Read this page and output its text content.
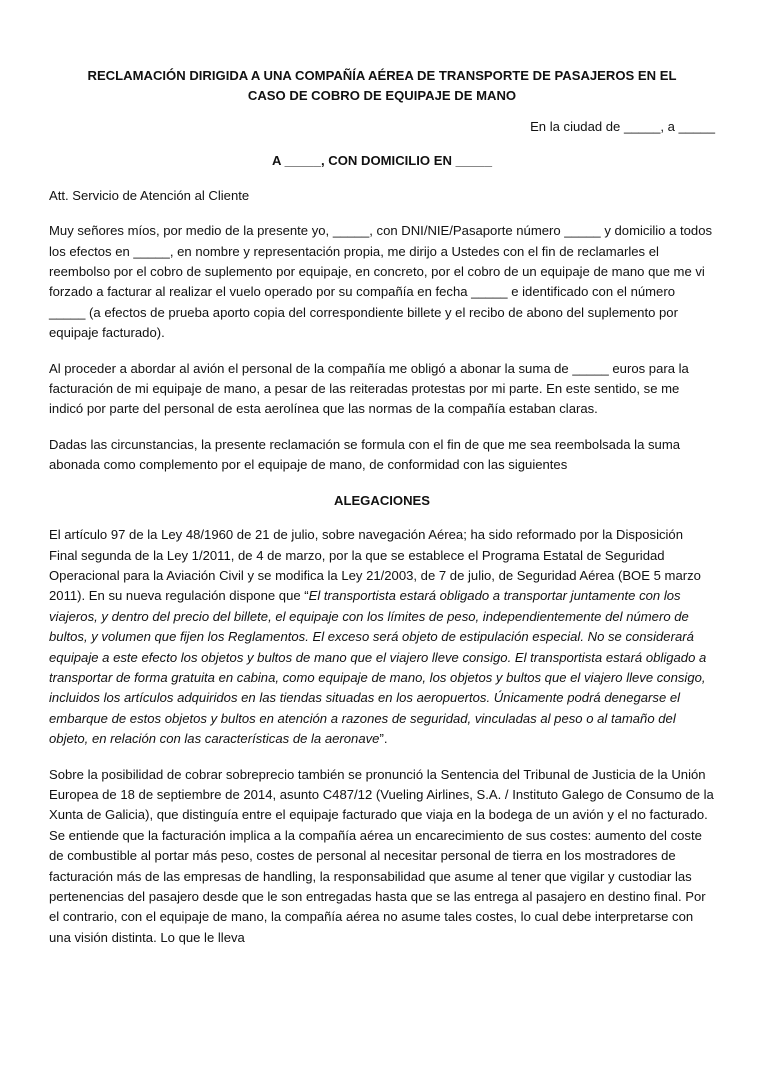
RECLAMACIÓN DIRIGIDA A UNA COMPAÑÍA AÉREA DE TRANSPORTE DE PASAJEROS EN EL
CASO DE COBRO DE EQUIPAJE DE MANO
En la ciudad de _____, a _____
A _____, CON DOMICILIO EN _____

Att. Servicio de Atención al Cliente

Muy señores míos, por medio de la presente yo, _____, con DNI/NIE/Pasaporte número _____ y domicilio a todos los efectos en _____, en nombre y representación propia, me dirijo a Ustedes con el fin de reclamarles el reembolso por el cobro de suplemento por equipaje, en concreto, por el cobro de un equipaje de mano que me vi forzado a facturar al realizar el vuelo operado por su compañía en fecha _____ e identificado con el número _____ (a efectos de prueba aporto copia del correspondiente billete y el recibo de abono del suplemento por equipaje facturado).

Al proceder a abordar al avión el personal de la compañía me obligó a abonar la suma de _____ euros para la facturación de mi equipaje de mano, a pesar de las reiteradas protestas por mi parte. En este sentido, se me indicó por parte del personal de esta aerolínea que las normas de la compañía estaban claras.

Dadas las circunstancias, la presente reclamación se formula con el fin de que me sea reembolsada la suma abonada como complemento por el equipaje de mano, de conformidad con las siguientes

ALEGACIONES

El artículo 97 de la Ley 48/1960 de 21 de julio, sobre navegación Aérea; ha sido reformado por la Disposición Final segunda de la Ley 1/2011, de 4 de marzo, por la que se establece el Programa Estatal de Seguridad Operacional para la Aviación Civil y se modifica la Ley 21/2003, de 7 de julio, de Seguridad Aérea (BOE 5 marzo 2011). En su nueva regulación dispone que “El transportista estará obligado a transportar juntamente con los viajeros, y dentro del precio del billete, el equipaje con los límites de peso, independientemente del número de bultos, y volumen que fijen los Reglamentos. El exceso será objeto de estipulación especial. No se considerará equipaje a este efecto los objetos y bultos de mano que el viajero lleve consigo. El transportista estará obligado a transportar de forma gratuita en cabina, como equipaje de mano, los objetos y bultos que el viajero lleve consigo, incluidos los artículos adquiridos en las tiendas situadas en los aeropuertos. Únicamente podrá denegarse el embarque de estos objetos y bultos en atención a razones de seguridad, vinculadas al peso o al tamaño del objeto, en relación con las características de la aeronave”.

Sobre la posibilidad de cobrar sobreprecio también se pronunció la Sentencia del Tribunal de Justicia de la Unión Europea de 18 de septiembre de 2014, asunto C487/12 (Vueling Airlines, S.A. / Instituto Galego de Consumo de la Xunta de Galicia), que distinguía entre el equipaje facturado que viaja en la bodega de un avión y el no facturado. Se entiende que la facturación implica a la compañía aérea un encarecimiento de sus costes: aumento del coste de combustible al portar más peso, costes de personal al necesitar personal de tierra en los mostradores de facturación más de las empresas de handling, la responsabilidad que asume al tener que vigilar y custodiar las pertenencias del pasajero desde que le son entregadas hasta que se las entrega al pasajero en destino final. Por el contrario, con el equipaje de mano, la compañía aérea no asume tales costes, lo cual debe interpretarse con una visión distinta. Lo que le lleva
